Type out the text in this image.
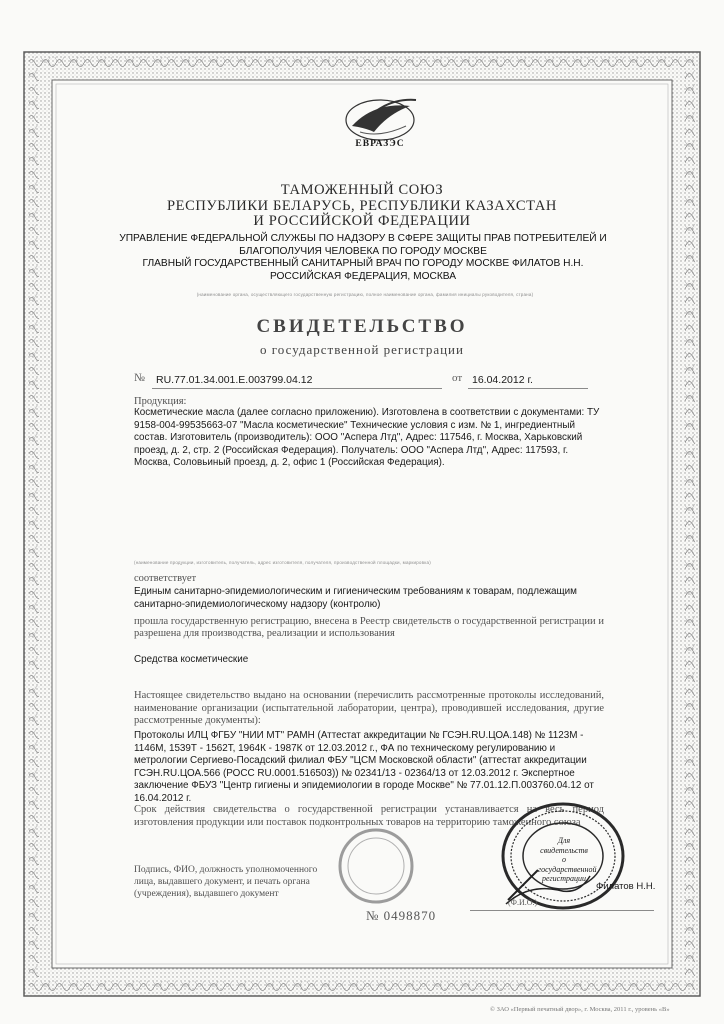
ЕВРАЗЭС
ТАМОЖЕННЫЙ СОЮЗ
РЕСПУБЛИКИ БЕЛАРУСЬ, РЕСПУБЛИКИ КАЗАХСТАН
И РОССИЙСКОЙ ФЕДЕРАЦИИ
УПРАВЛЕНИЕ ФЕДЕРАЛЬНОЙ СЛУЖБЫ ПО НАДЗОРУ В СФЕРЕ ЗАЩИТЫ ПРАВ ПОТРЕБИТЕЛЕЙ И
БЛАГОПОЛУЧИЯ ЧЕЛОВЕКА ПО ГОРОДУ МОСКВЕ
ГЛАВНЫЙ ГОСУДАРСТВЕННЫЙ САНИТАРНЫЙ ВРАЧ ПО ГОРОДУ МОСКВЕ ФИЛАТОВ Н.Н.
РОССИЙСКАЯ ФЕДЕРАЦИЯ, МОСКВА
(наименование органа, осуществляющего государственную регистрацию, полное наименование органа, фамилия инициалы руководителя, страна)
СВИДЕТЕЛЬСТВО
о государственной регистрации
№ RU.77.01.34.001.E.003799.04.12	от 16.04.2012 г.
Продукция:
Косметические масла (далее согласно приложению). Изготовлена в соответствии с документами: ТУ 9158-004-99535663-07 "Масла косметические" Технические условия с изм. № 1, ингредиентный состав. Изготовитель (производитель): ООО "Аспера Лтд", Адрес: 117546, г. Москва, Харьковский проезд, д. 2, стр. 2 (Российская Федерация). Получатель: ООО "Аспера Лтд", Адрес: 117593, г. Москва, Соловьиный проезд, д. 2, офис 1 (Российская Федерация).
(наименование продукции, изготовитель, получатель, адрес изготовителя, получателя, производственной площадки, маркировка)
соответствует
Единым санитарно-эпидемиологическим и гигиеническим требованиям к товарам, подлежащим санитарно-эпидемиологическому надзору (контролю)
прошла государственную регистрацию, внесена в Реестр свидетельств о государственной регистрации и разрешена для производства, реализации и использования
Средства косметические
Настоящее свидетельство выдано на основании (перечислить рассмотренные протоколы исследований, наименование организации (испытательной лаборатории, центра), проводившей исследования, другие рассмотренные документы):
Протоколы ИЛЦ ФГБУ "НИИ МТ" РАМН (Аттестат аккредитации № ГСЭН.RU.ЦОА.148) № 1123М - 1146М, 1539Т - 1562Т, 1964К - 1987К от 12.03.2012 г., ФА по техническому регулированию и метрологии Сергиево-Посадский филиал ФБУ "ЦСМ Московской области" (аттестат аккредитации ГСЭН.RU.ЦОА.566 (РОСС RU.0001.516503)) № 02341/13 - 02364/13 от 12.03.2012 г. Экспертное заключение ФБУЗ "Центр гигиены и эпидемиологии в городе Москве" № 77.01.12.П.003760.04.12 от 16.04.2012 г.
Срок действия свидетельства о государственной регистрации устанавливается на весь период изготовления продукции или поставок подконтрольных товаров на территорию таможенного союза
Подпись, ФИО, должность уполномоченного лица, выдавшего документ, и печать органа (учреждения), выдавшего документ
Для свидетельств о государственной регистрации
Филатов Н.Н.
(Ф.И.О.)
№ 0498870
© ЗАО «Первый печатный двор», г. Москва, 2011 г., уровень «В»
